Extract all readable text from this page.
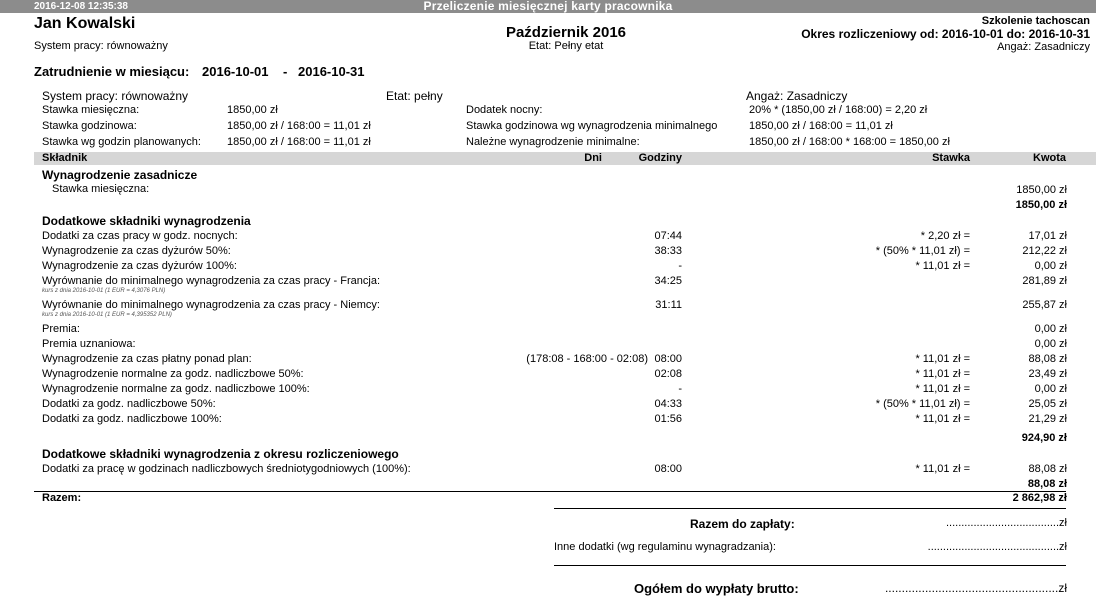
2016-12-08 12:35:38	Przeliczenie miesięcznej karty pracownika
Jan Kowalski
System pracy: równoważny
Październik 2016
Etat: Pełny etat
Szkolenie tachoscan
Okres rozliczeniowy od: 2016-10-01 do: 2016-10-31
Angaż: Zasadniczy
Zatrudnienie w miesiącu: 2016-10-01 - 2016-10-31
System pracy: równoważny	Etat: pełny	Angaż: Zasadniczy
Stawka miesięczna:	1850,00 zł
Stawka godzinowa:	1850,00 zł / 168:00 = 11,01 zł
Stawka wg godzin planowanych: 1850,00 zł / 168:00 = 11,01 zł
Dodatek nocny:	20% * (1850,00 zł / 168:00) = 2,20 zł
Stawka godzinowa wg wynagrodzenia minimalnego	1850,00 zł / 168:00 = 11,01 zł
Należne wynagrodzenie minimalne:	1850,00 zł / 168:00 * 168:00 = 1850,00 zł
Składnik	Dni	Godziny	Stawka	Kwota
Wynagrodzenie zasadnicze
Stawka miesięczna:	1850,00 zł
1850,00 zł
Dodatkowe składniki wynagrodzenia
Dodatki za czas pracy w godz. nocnych:	07:44	* 2,20 zł =	17,01 zł
Wynagrodzenie za czas dyżurów 50%:	38:33	* (50% * 11,01 zł) =	212,22 zł
Wynagrodzenie za czas dyżurów 100%:	-	* 11,01 zł =	0,00 zł
Wyrównanie do minimalnego wynagrodzenia za czas pracy - Francja:	34:25	281,89 zł
kurs z dnia 2016-10-01 (1 EUR = 4,3076 PLN)
Wyrównanie do minimalnego wynagrodzenia za czas pracy - Niemcy:	31:11	255,87 zł
kurs z dnia 2016-10-01 (1 EUR = 4,395352 PLN)
Premia:	0,00 zł
Premia uznaniowa:	0,00 zł
Wynagrodzenie za czas płatny ponad plan:	(178:08 - 168:00 - 02:08) 08:00	* 11,01 zł =	88,08 zł
Wynagrodzenie normalne za godz. nadliczbowe 50%:	02:08	* 11,01 zł =	23,49 zł
Wynagrodzenie normalne za godz. nadliczbowe 100%:	-	* 11,01 zł =	0,00 zł
Dodatki za godz. nadliczbowe 50%:	04:33	* (50% * 11,01 zł) =	25,05 zł
Dodatki za godz. nadliczbowe 100%:	01:56	* 11,01 zł =	21,29 zł
924,90 zł
Dodatkowe składniki wynagrodzenia z okresu rozliczeniowego
Dodatki za pracę w godzinach nadliczbowych średniotygodniowych (100%):	08:00	* 11,01 zł =	88,08 zł
88,08 zł
Razem:	2 862,98 zł
Razem do zapłaty:	.....................................zł
Inne dodatki (wg regulaminu wynagradzania):	...........................................zł
Ogółem do wypłaty brutto:	....................................................zł
